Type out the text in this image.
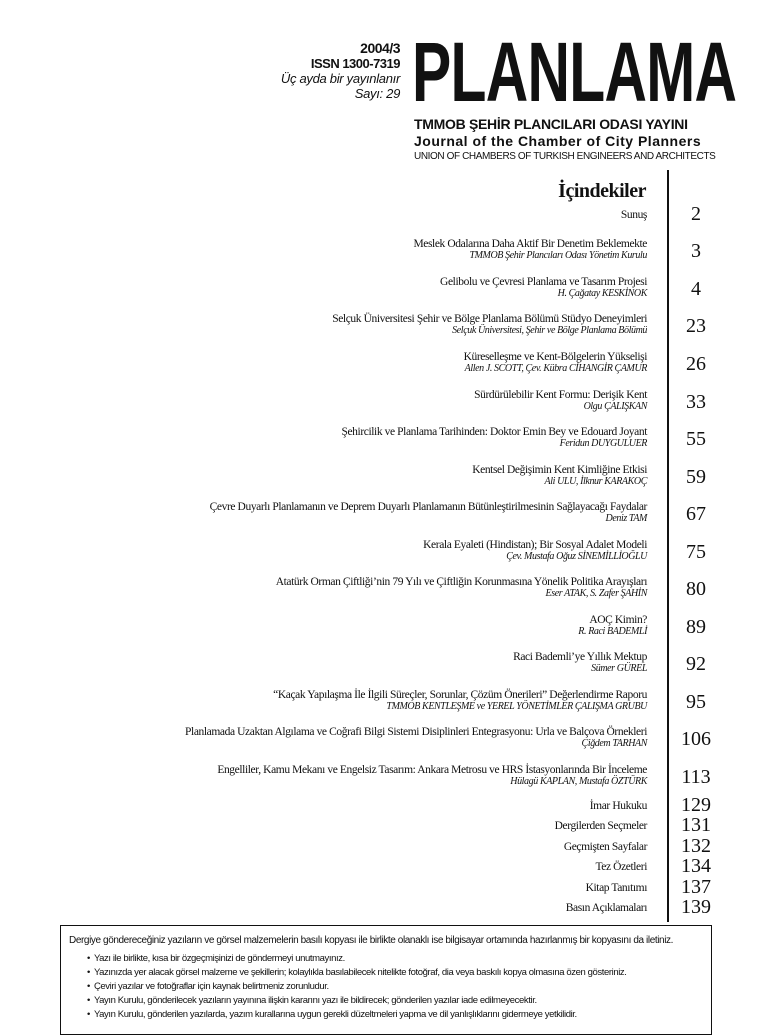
2004/3
ISSN 1300-7319
Üç ayda bir yayınlanır
Sayı: 29 PLANLAMA
TMMOB ŞEHİR PLANCILARI ODASI YAYINI
Journal of the Chamber of City Planners
UNION OF CHAMBERS OF TURKISH ENGINEERS AND ARCHITECTS
İçindekiler
Sunuş	2
Meslek Odalarına Daha Aktif Bir Denetim Beklemekte
TMMOB Şehir Plancıları Odası Yönetim Kurulu	3
Gelibolu ve Çevresi Planlama ve Tasarım Projesi
H. Çağatay KESKİNOK	4
Selçuk Üniversitesi Şehir ve Bölge Planlama Bölümü Stüdyo Deneyimleri
Selçuk Üniversitesi, Şehir ve Bölge Planlama Bölümü	23
Küreselleşme ve Kent-Bölgelerin Yükselişi
Allen J. SCOTT, Çev. Kübra CİHANGİR ÇAMUR	26
Sürdürülebilir Kent Formu: Derişik Kent
Olgu ÇALIŞKAN	33
Şehircilik ve Planlama Tarihinden: Doktor Emin Bey ve Edouard Joyant
Feridun DUYGULUER	55
Kentsel Değişimin Kent Kimliğine Etkisi
Ali ULU, İlknur KARAKOÇ	59
Çevre Duyarlı Planlamanın ve Deprem Duyarlı Planlamanın Bütünleştirilmesinin Sağlayacağı Faydalar
Deniz TAM	67
Kerala Eyaleti (Hindistan); Bir Sosyal Adalet Modeli
Çev. Mustafa Oğuz SİNEMİLLİOĞLU	75
Atatürk Orman Çiftliği’nin 79 Yılı ve Çiftliğin Korunmasına Yönelik Politika Arayışları
Eser ATAK, S. Zafer ŞAHİN	80
AOÇ Kimin?
R. Raci BADEMLİ	89
Raci Bademli’ye Yıllık Mektup
Sümer GÜREL	92
“Kaçak Yapılaşma İle İlgili Süreçler, Sorunlar, Çözüm Önerileri” Değerlendirme Raporu
TMMOB KENTLEŞME ve YEREL YÖNETİMLER ÇALIŞMA GRUBU	95
Planlamada Uzaktan Algılama ve Coğrafi Bilgi Sistemi Disiplinleri Entegrasyonu: Urla ve Balçova Örnekleri
Çiğdem TARHAN 106
Engelliler, Kamu Mekanı ve Engelsiz Tasarım: Ankara Metrosu ve HRS İstasyonlarında Bir İnceleme
Hülagü KAPLAN, Mustafa ÖZTÜRK 113
İmar Hukuku 129
Dergilerden Seçmeler 131
Geçmişten Sayfalar 132
Tez Özetleri 134
Kitap Tanıtımı 137
Basın Açıklamaları 139
Dergiye göndereceğiniz yazıların ve görsel malzemelerin basılı kopyası ile birlikte olanaklı ise bilgisayar ortamında hazırlanmış bir kopyasını da iletiniz.
• Yazı ile birlikte, kısa bir özgeçmişinizi de göndermeyi unutmayınız.
• Yazınızda yer alacak görsel malzeme ve şekillerin; kolaylıkla basılabilecek nitelikte fotoğraf, dia veya baskılı kopya olmasına özen gösteriniz.
• Çeviri yazılar ve fotoğraflar için kaynak belirtmeniz zorunludur.
• Yayın Kurulu, gönderilecek yazıların yayınına ilişkin kararını yazı ile bildirecek; gönderilen yazılar iade edilmeyecektir.
• Yayın Kurulu, gönderilen yazılarda, yazım kurallarına uygun gerekli düzeltmeleri yapma ve dil yanlışlıklarını gidermeye yetkilidir.
